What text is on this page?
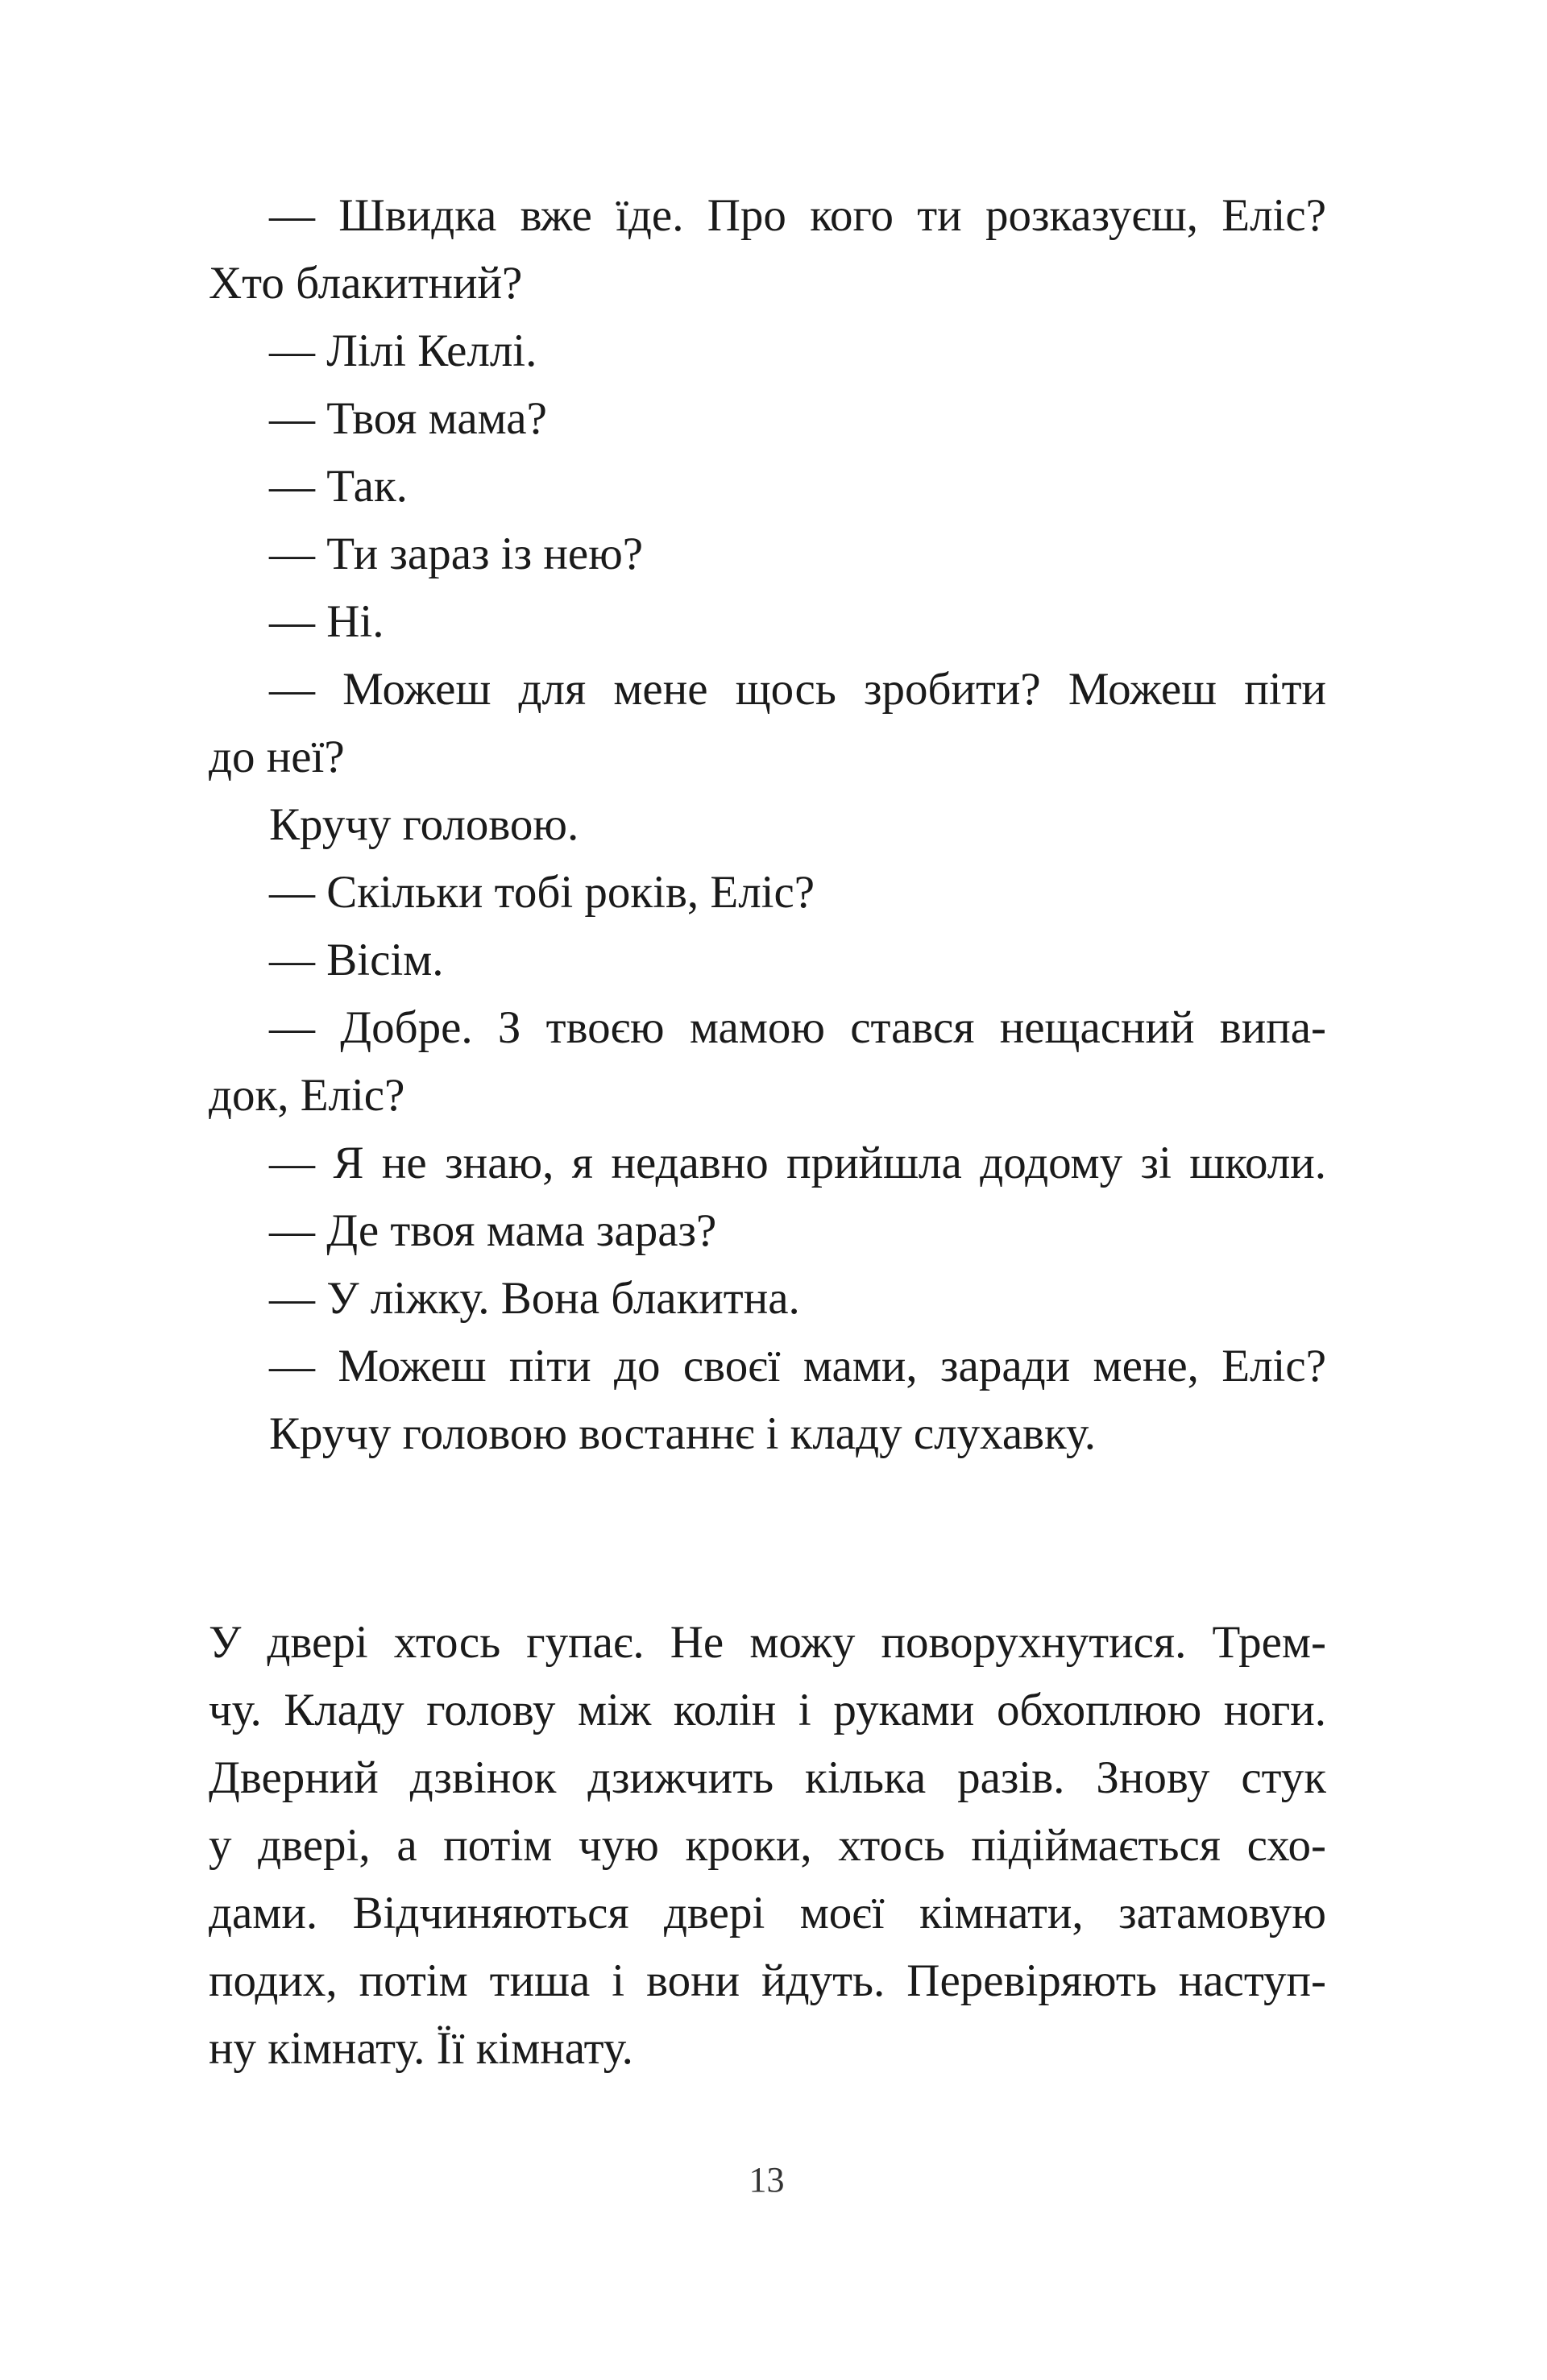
— Швидка вже їде. Про кого ти розказуєш, Еліс?
Хто блакитний?
— Лілі Келлі.
— Твоя мама?
— Так.
— Ти зараз із нею?
— Ні.
— Можеш для мене щось зробити? Можеш піти
до неї?
Кручу головою.
— Скільки тобі років, Еліс?
— Вісім.
— Добре. З твоєю мамою стався нещасний випа-
док, Еліс?
— Я не знаю, я недавно прийшла додому зі школи.
— Де твоя мама зараз?
— У ліжку. Вона блакитна.
— Можеш піти до своєї мами, заради мене, Еліс?
Кручу головою востаннє і кладу слухавку.
У двері хтось гупає. Не можу поворухнутися. Трем-
чу. Кладу голову між колін і руками обхоплюю ноги.
Дверний дзвінок дзижчить кілька разів. Знову стук
у двері, а потім чую кроки, хтось підіймається схо-
дами. Відчиняються двері моєї кімнати, затамовую
подих, потім тиша і вони йдуть. Перевіряють наступ-
ну кімнату. Її кімнату.
13
